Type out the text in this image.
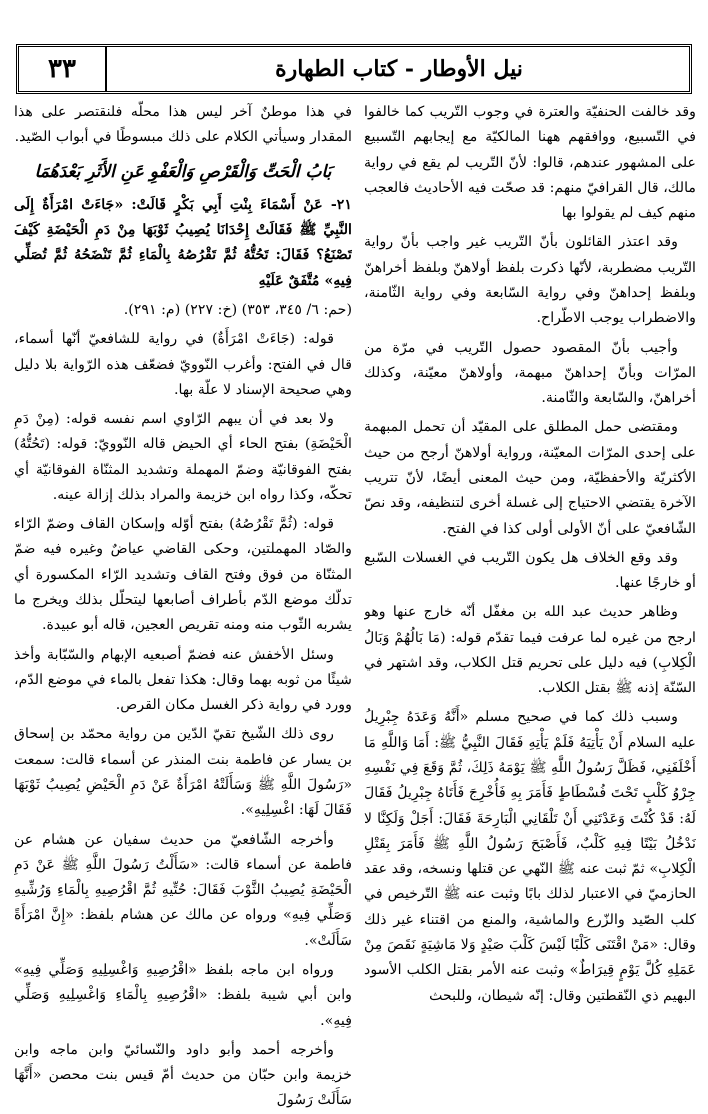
٣٣	نيل الأوطار - كتاب الطهارة

وقد خالفت الحنفيّة والعترة في وجوب التّريب كما خالفوا في التّسبيع، ووافقهم ههنا المالكيّة مع إيجابهم التّسبيع على المشهور عندهم، قالوا: لأنّ التّريب لم يقع في رواية مالك، قال القرافيّ منهم: قد صحّت فيه الأحاديث فالعجب منهم كيف لم يقولوا بها

وقد اعتذر القائلون بأنّ التّريب غير واجب بأنّ رواية التّريب مضطربة، لأنّها ذكرت بلفظ أولاهنّ وبلفظ أخراهنّ وبلفظ إحداهنّ وفي رواية السّابعة وفي رواية الثّامنة، والاضطراب يوجب الاطّراح.

وأجيب بأنّ المقصود حصول التّريب في مرّة من المرّات وبأنّ إحداهنّ مبهمة، وأولاهنّ معيّنة، وكذلك أخراهنّ، والسّابعة والثّامنة.

ومقتضى حمل المطلق على المقيّد أن تحمل المبهمة على إحدى المرّات المعيّنة، ورواية أولاهنّ أرجح من حيث الأكثريّة والأحفظيّة، ومن حيث المعنى أيضًا، لأنّ تتريب الآخرة يقتضي الاحتياج إلى غسلة أخرى لتنظيفه، وقد نصّ الشّافعيّ على أنّ الأولى أولى كذا في الفتح.

وقد وقع الخلاف هل يكون التّريب في الغسلات السّبع أو خارجًا عنها.

وظاهر حديث عبد الله بن مغفّل أنّه خارج عنها وهو ارجح من غيره لما عرفت فيما تقدّم قوله: (مَا بَالُهُمْ وَبَالُ الْكِلابِ) فيه دليل على تحريم قتل الكلاب، وقد اشتهر في السّنّة إذنه ﷺ بقتل الكلاب.

وسبب ذلك كما في صحيح مسلم «أَنَّهُ وَعَدَهُ جِبْرِيلُ عليه السلام أَنْ يَأْتِيَهُ فَلَمْ يَأْتِهِ فَقَالَ النَّبِيُّ ﷺ: أَمَا وَاللَّهِ مَا أَخْلَفَنِي، فَظَلَّ رَسُولُ اللَّهِ ﷺ يَوْمَهُ ذَلِكَ، ثُمَّ وَقَعَ فِي نَفْسِهِ جِرْوُ كَلْبٍ تَحْتَ فُسْطَاطٍ فَأَمَرَ بِهِ فَأُخْرِجَ فَأَتَاهُ جِبْرِيلُ فَقَالَ لَهُ: قَدْ كُنْتَ وَعَدْتَنِي أَنْ تَلْقَانِي الْبَارِحَةَ فَقَالَ: أَجَلْ وَلَكِنَّا لا نَدْخُلُ بَيْتًا فِيهِ كَلْبٌ، فَأَصْبَحَ رَسُولُ اللَّهِ ﷺ فَأَمَرَ بِقَتْلِ الْكِلابِ» ثمّ ثبت عنه ﷺ النّهي عن قتلها ونسخه، وقد عقد الحازميّ في الاعتبار لذلك بابًا وثبت عنه ﷺ التّرخيص في كلب الصّيد والزّرع والماشية، والمنع من اقتناء غير ذلك وقال: «مَنْ اقْتَنَى كَلْبًا لَيْسَ كَلْبَ صَيْدٍ وَلا مَاشِيَةٍ نَقَصَ مِنْ عَمَلِهِ كُلَّ يَوْمٍ قِيرَاطٌ» وثبت عنه الأمر بقتل الكلب الأسود البهيم ذي النّقطتين وقال: إنّه شيطان، وللبحث

في هذا موطنٌ آخر ليس هذا محلّه فلنقتصر على هذا المقدار وسيأتي الكلام على ذلك مبسوطًا في أبواب الصّيد.

بَابُ الْحَتِّ وَالْقَرْصِ وَالْعَفْوِ عَنِ الأَثَرِ بَعْدَهُمَا

٢١- عَنْ أَسْمَاءَ بِنْتِ أَبِي بَكْرٍ قَالَتْ: «جَاءَتْ امْرَأَةٌ إِلَى النَّبِيِّ ﷺ فَقَالَتْ إِحْدَانَا يُصِيبُ ثَوْبَهَا مِنْ دَمِ الْحَيْضَةِ كَيْفَ تَصْنَعُ؟ فَقَالَ: تَحُتُّهُ ثُمَّ تَقْرُصُهُ بِالْمَاءِ ثُمَّ تَنْضَحُهُ ثُمَّ تُصَلِّي فِيهِ» مُتَّفَقٌ عَلَيْهِ

(حم: ٦/ ٣٤٥، ٣٥٣) (خ: ٢٢٧) (م: ٢٩١).

قوله: (جَاءَتْ امْرَأَةٌ) في رواية للشافعيّ أنّها أسماء، قال في الفتح: وأغرب النّوويّ فضعّف هذه الرّواية بلا دليل وهي صحيحة الإسناد لا علّة بها.

ولا بعد في أن يبهم الرّاوي اسم نفسه قوله: (مِنْ دَمِ الْحَيْضَةِ) بفتح الحاء أي الحيض قاله النّوويّ: قوله: (تَحُتُّهُ) بفتح الفوقانيّة وضمّ المهملة وتشديد المثنّاة الفوقانيّة أي تحكّه، وكذا رواه ابن خزيمة والمراد بذلك إزالة عينه.

قوله: (ثُمَّ تَقْرُصُهُ) بفتح أوّله وإسكان القاف وضمّ الرّاء والصّاد المهملتين، وحكى القاضي عياضٌ وغيره فيه ضمّ المثنّاة من فوق وفتح القاف وتشديد الرّاء المكسورة أي تدلّك موضع الدّم بأطراف أصابعها ليتحلّل بذلك ويخرج ما يشربه الثّوب منه ومنه تقريص العجين، قاله أبو عبيدة.

وسئل الأخفش عنه فضمّ أصبعيه الإبهام والسّبّابة وأخذ شيئًا من ثوبه بهما وقال: هكذا تفعل بالماء في موضع الدّم، وورد في رواية ذكر الغسل مكان القرص.

روى ذلك الشّيخ تقيّ الدّين من رواية محمّد بن إسحاق بن يسار عن فاطمة بنت المنذر عن أسماء قالت: سمعت «رَسُولَ اللَّهِ ﷺ وَسَأَلَتْهُ امْرَأَةٌ عَنْ دَمِ الْحَيْضِ يُصِيبُ ثَوْبَهَا فَقَالَ لَهَا: اغْسِلِيهِ».

وأخرجه الشّافعيّ من حديث سفيان عن هشام عن فاطمة عن أسماء قالت: «سَأَلْتُ رَسُولَ اللَّهِ ﷺ عَنْ دَمِ الْحَيْضَةِ يُصِيبُ الثَّوْبَ فَقَالَ: حُتِّيهِ ثُمَّ اقْرُصِيهِ بِالْمَاءِ وَرُشِّيهِ وَصَلِّي فِيهِ» ورواه عن مالك عن هشام بلفظ: «إِنَّ امْرَأَةً سَأَلَتْ».

ورواه ابن ماجه بلفظ «اقْرُصِيهِ وَاغْسِلِيهِ وَصَلِّي فِيهِ» وابن أبي شيبة بلفظ: «اقْرُصِيهِ بِالْمَاءِ وَاغْسِلِيهِ وَصَلِّي فِيهِ».

وأخرجه أحمد وأبو داود والنّسائيّ وابن ماجه وابن خزيمة وابن حبّان من حديث أمّ قيس بنت محصن «أَنَّهَا سَأَلَتْ رَسُولَ
